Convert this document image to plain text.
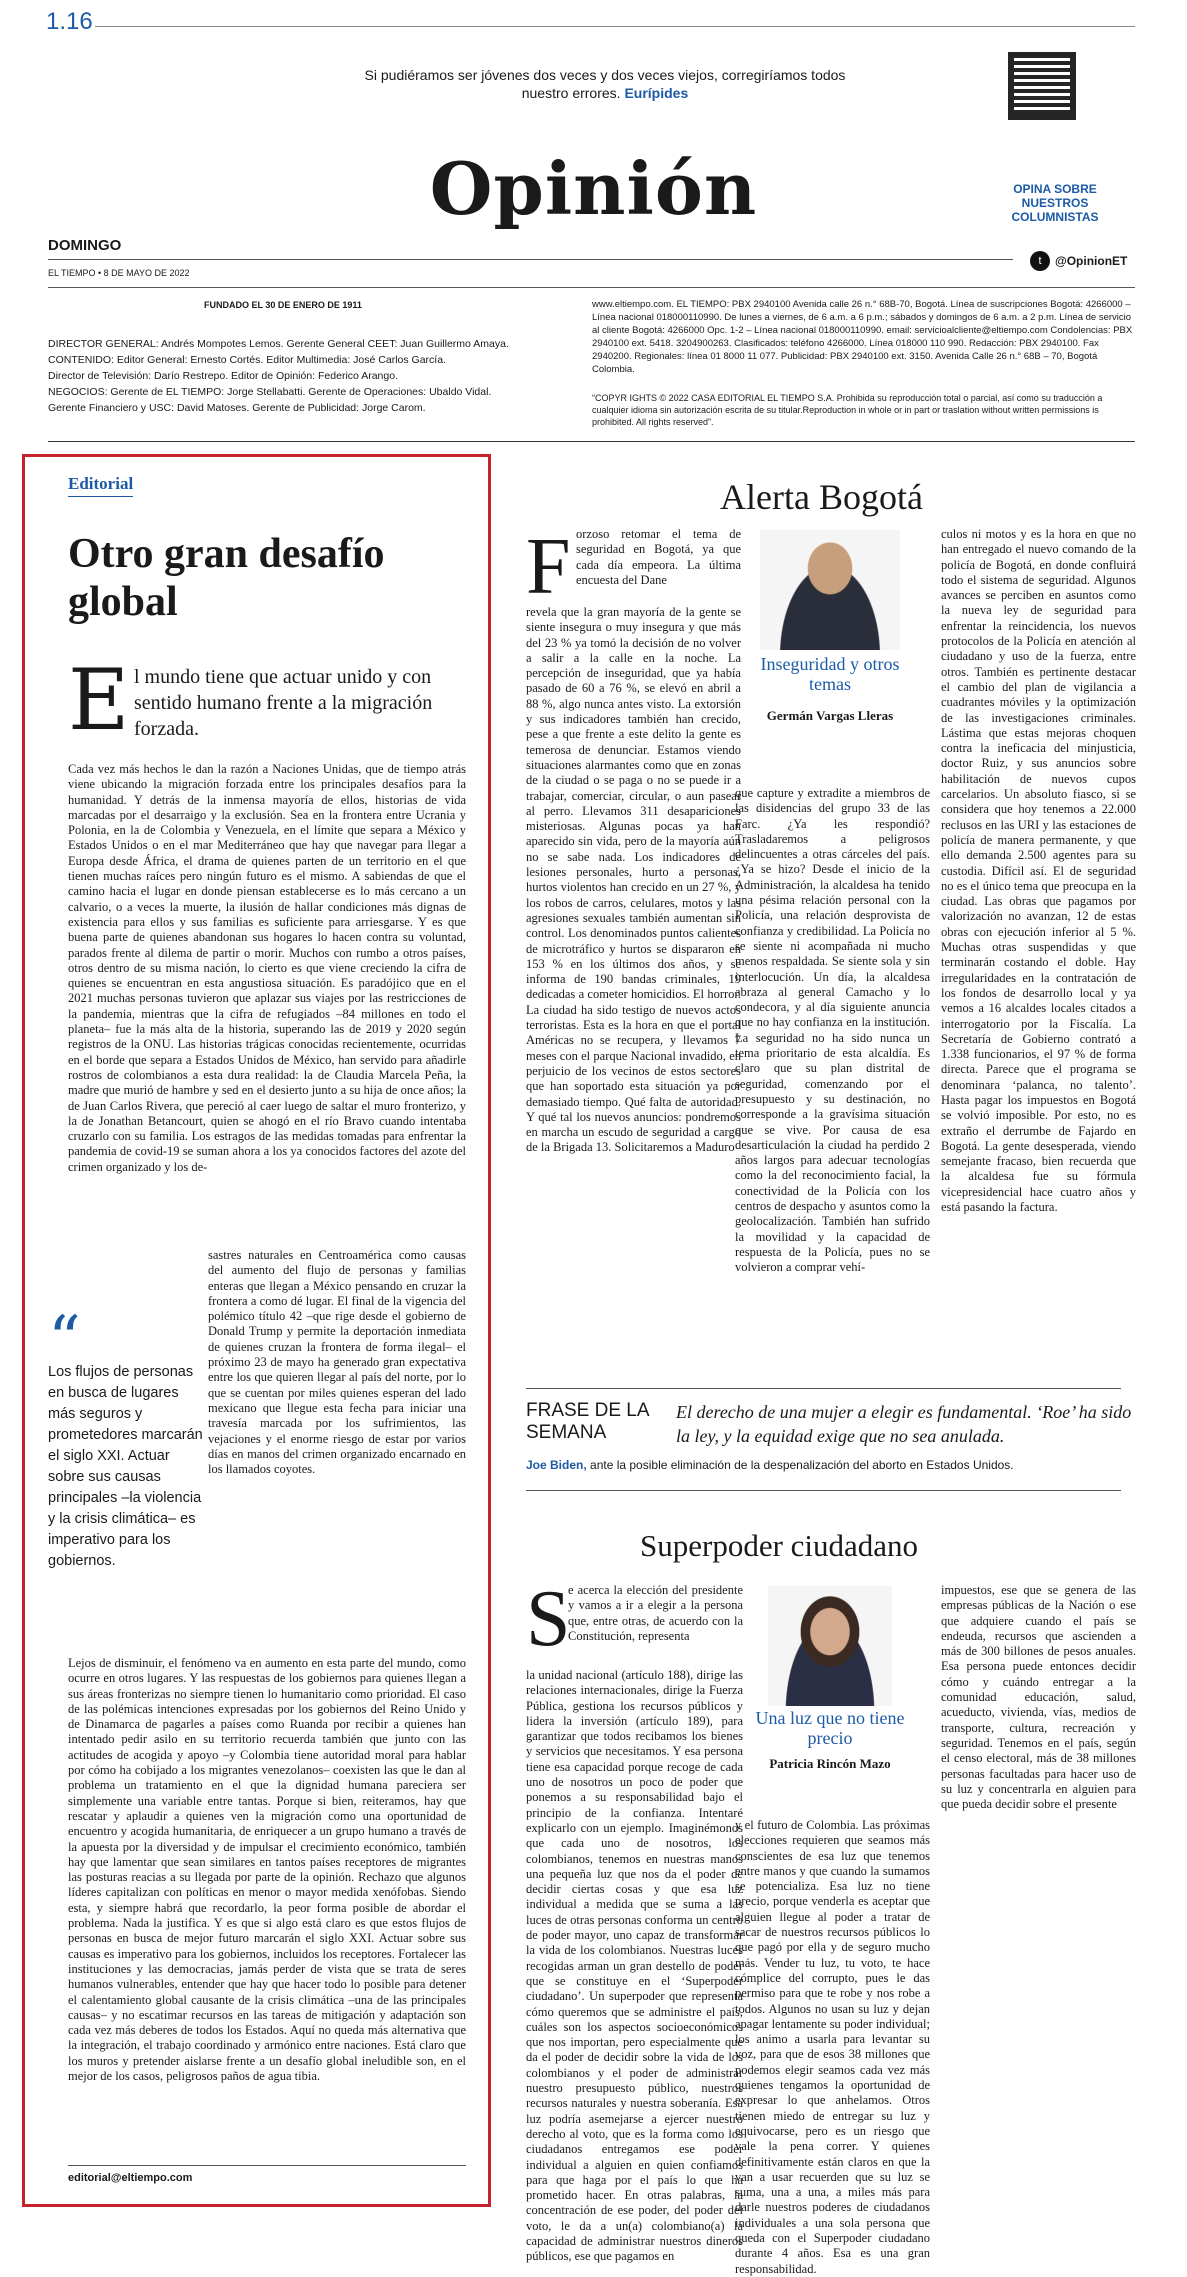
1.16
Si pudiéramos ser jóvenes dos veces y dos veces viejos, corregiríamos todos nuestro errores. Eurípides
Opinión	OPINA SOBRE NUESTROS COLUMNISTAS
DOMINGO
EL TIEMPO • 8 DE MAYO DE 2022
t	@OpinionET
FUNDADO EL 30 DE ENERO DE 1911
DIRECTOR GENERAL: Andrés Mompotes Lemos. Gerente General CEET: Juan Guillermo Amaya.
CONTENIDO: Editor General: Ernesto Cortés. Editor Multimedia: José Carlos García.
Director de Televisión: Darío Restrepo. Editor de Opinión: Federico Arango.
NEGOCIOS: Gerente de EL TIEMPO: Jorge Stellabatti. Gerente de Operaciones: Ubaldo Vidal.
Gerente Financiero y USC: David Matoses. Gerente de Publicidad: Jorge Carom.
www.eltiempo.com. EL TIEMPO: PBX 2940100 Avenida calle 26 n.° 68B-70, Bogotá. Línea de suscripciones Bogotá: 4266000 – Línea nacional 018000110990. De lunes a viernes, de 6 a.m. a 6 p.m.; sábados y domingos de 6 a.m. a 2 p.m. Línea de servicio al cliente Bogotá: 4266000 Opc. 1-2 – Línea nacional 018000110990. email: servicioalcliente@eltiempo.com Condolencias: PBX 2940100 ext. 5418. 3204900263. Clasificados: teléfono 4266000. Línea 018000 110 990. Redacción: PBX 2940100. Fax 2940200. Regionales: línea 01 8000 11 077. Publicidad: PBX 2940100 ext. 3150. Avenida Calle 26 n.° 68B – 70, Bogotá Colombia.
“COPYR IGHTS © 2022 CASA EDITORIAL EL TIEMPO S.A. Prohibida su reproducción total o parcial, así como su traducción a cualquier idioma sin autorización escrita de su titular.Reproduction in whole or in part or traslation without written permissions is prohibited. All rights reserved”.
Editorial
Otro gran desafío global
E l mundo tiene que actuar unido y con sentido humano frente a la migración forzada.
Cada vez más hechos le dan la razón a Naciones Unidas, que de tiempo atrás viene ubicando la migración forzada entre los principales desafíos para la humanidad. Y detrás de la inmensa mayoría de ellos, historias de vida marcadas por el desarraigo y la exclusión. Sea en la frontera entre Ucrania y Polonia, en la de Colombia y Venezuela, en el límite que separa a México y Estados Unidos o en el mar Mediterráneo que hay que navegar para llegar a Europa desde África, el drama de quienes parten de un territorio en el que tienen muchas raíces pero ningún futuro es el mismo. A sabiendas de que el camino hacia el lugar en donde piensan establecerse es lo más cercano a un calvario, o a veces la muerte, la ilusión de hallar condiciones más dignas de existencia para ellos y sus familias es suficiente para arriesgarse. Y es que buena parte de quienes abandonan sus hogares lo hacen contra su voluntad, parados frente al dilema de partir o morir. Muchos con rumbo a otros países, otros dentro de su misma nación, lo cierto es que viene creciendo la cifra de quienes se encuentran en esta angustiosa situación. Es paradójico que en el 2021 muchas personas tuvieron que aplazar sus viajes por las restricciones de la pandemia, mientras que la cifra de refugiados –84 millones en todo el planeta– fue la más alta de la historia, superando las de 2019 y 2020 según registros de la ONU. Las historias trágicas conocidas recientemente, ocurridas en el borde que separa a Estados Unidos de México, han servido para añadirle rostros de colombianos a esta dura realidad: la de Claudia Marcela Peña, la madre que murió de hambre y sed en el desierto junto a su hija de once años; la de Juan Carlos Rivera, que pereció al caer luego de saltar el muro fronterizo, y la de Jonathan Betancourt, quien se ahogó en el río Bravo cuando intentaba cruzarlo con su familia. Los estragos de las medidas tomadas para enfrentar la pandemia de covid-19 se suman ahora a los ya conocidos factores del azote del crimen organizado y los de-
“
Los flujos de personas en busca de lugares más seguros y prometedores marcarán el siglo XXI. Actuar sobre sus causas principales –la violencia y la crisis climática– es imperativo para los gobiernos.
sastres naturales en Centroamérica como causas del aumento del flujo de personas y familias enteras que llegan a México pensando en cruzar la frontera a como dé lugar. El final de la vigencia del polémico título 42 –que rige desde el gobierno de Donald Trump y permite la deportación inmediata de quienes cruzan la frontera de forma ilegal– el próximo 23 de mayo ha generado gran expectativa entre los que quieren llegar al país del norte, por lo que se cuentan por miles quienes esperan del lado mexicano que llegue esta fecha para iniciar una travesía marcada por los sufrimientos, las vejaciones y el enorme riesgo de estar por varios días en manos del crimen organizado encarnado en los llamados coyotes.
Lejos de disminuir, el fenómeno va en aumento en esta parte del mundo, como ocurre en otros lugares. Y las respuestas de los gobiernos para quienes llegan a sus áreas fronterizas no siempre tienen lo humanitario como prioridad. El caso de las polémicas intenciones expresadas por los gobiernos del Reino Unido y de Dinamarca de pagarles a países como Ruanda por recibir a quienes han intentado pedir asilo en su territorio recuerda también que junto con las actitudes de acogida y apoyo –y Colombia tiene autoridad moral para hablar por cómo ha cobijado a los migrantes venezolanos– coexisten las que le dan al problema un tratamiento en el que la dignidad humana pareciera ser simplemente una variable entre tantas. Porque si bien, reiteramos, hay que rescatar y aplaudir a quienes ven la migración como una oportunidad de encuentro y acogida humanitaria, de enriquecer a un grupo humano a través de la apuesta por la diversidad y de impulsar el crecimiento económico, también hay que lamentar que sean similares en tantos países receptores de migrantes las posturas reacias a su llegada por parte de la opinión. Rechazo que algunos líderes capitalizan con políticas en menor o mayor medida xenófobas. Siendo esta, y siempre habrá que recordarlo, la peor forma posible de abordar el problema. Nada la justifica. Y es que si algo está claro es que estos flujos de personas en busca de mejor futuro marcarán el siglo XXI. Actuar sobre sus causas es imperativo para los gobiernos, incluidos los receptores. Fortalecer las instituciones y las democracias, jamás perder de vista que se trata de seres humanos vulnerables, entender que hay que hacer todo lo posible para detener el calentamiento global causante de la crisis climática –una de las principales causas– y no escatimar recursos en las tareas de mitigación y adaptación son cada vez más deberes de todos los Estados. Aquí no queda más alternativa que la integración, el trabajo coordinado y armónico entre naciones. Está claro que los muros y pretender aislarse frente a un desafío global ineludible son, en el mejor de los casos, peligrosos paños de agua tibia.
editorial@eltiempo.com
Alerta Bogotá
F orzoso retomar el tema de seguridad en Bogotá, ya que cada día empeora. La última encuesta del Dane
revela que la gran mayoría de la gente se siente insegura o muy insegura y que más del 23 % ya tomó la decisión de no volver a salir a la calle en la noche. La percepción de inseguridad, que ya había pasado de 60 a 76 %, se elevó en abril a 88 %, algo nunca antes visto. La extorsión y sus indicadores también han crecido, pese a que frente a este delito la gente es temerosa de denunciar. Estamos viendo situaciones alarmantes como que en zonas de la ciudad o se paga o no se puede ir a trabajar, comerciar, circular, o aun pasear al perro. Llevamos 311 desapariciones misteriosas. Algunas pocas ya han aparecido sin vida, pero de la mayoría aún no se sabe nada. Los indicadores de lesiones personales, hurto a personas, hurtos violentos han crecido en un 27 %, y los robos de carros, celulares, motos y las agresiones sexuales también aumentan sin control. Los denominados puntos calientes de microtráfico y hurtos se dispararon en 153 % en los últimos dos años, y se informa de 190 bandas criminales, 19 dedicadas a cometer homicidios. El horror. La ciudad ha sido testigo de nuevos actos terroristas. Esta es la hora en que el portal Américas no se recupera, y llevamos 7 meses con el parque Nacional invadido, en perjuicio de los vecinos de estos sectores que han soportado esta situación ya por demasiado tiempo. Qué falta de autoridad. Y qué tal los nuevos anuncios: pondremos en marcha un escudo de seguridad a cargo de la Brigada 13. Solicitaremos a Maduro
Inseguridad y otros temas
Germán Vargas Lleras
que capture y extradite a miembros de las disidencias del grupo 33 de las Farc. ¿Ya les respondió? Trasladaremos a peligrosos delincuentes a otras cárceles del país. ¿Ya se hizo? Desde el inicio de la Administración, la alcaldesa ha tenido una pésima relación personal con la Policía, una relación desprovista de confianza y credibilidad. La Policía no se siente ni acompañada ni mucho menos respaldada. Se siente sola y sin interlocución. Un día, la alcaldesa abraza al general Camacho y lo condecora, y al día siguiente anuncia que no hay confianza en la institución. La seguridad no ha sido nunca un tema prioritario de esta alcaldía. Es claro que su plan distrital de seguridad, comenzando por el presupuesto y su destinación, no corresponde a la gravísima situación que se vive. Por causa de esa desarticulación la ciudad ha perdido 2 años largos para adecuar tecnologías como la del reconocimiento facial, la conectividad de la Policía con los centros de despacho y asuntos como la geolocalización. También han sufrido la movilidad y la capacidad de respuesta de la Policía, pues no se volvieron a comprar vehí-
culos ni motos y es la hora en que no han entregado el nuevo comando de la policía de Bogotá, en donde confluirá todo el sistema de seguridad. Algunos avances se perciben en asuntos como la nueva ley de seguridad para enfrentar la reincidencia, los nuevos protocolos de la Policía en atención al ciudadano y uso de la fuerza, entre otros. También es pertinente destacar el cambio del plan de vigilancia a cuadrantes móviles y la optimización de las investigaciones criminales. Lástima que estas mejoras choquen contra la ineficacia del minjusticia, doctor Ruiz, y sus anuncios sobre habilitación de nuevos cupos carcelarios. Un absoluto fiasco, si se considera que hoy tenemos a 22.000 reclusos en las URI y las estaciones de policía de manera permanente, y que ello demanda 2.500 agentes para su custodia. Difícil así. El de seguridad no es el único tema que preocupa en la ciudad. Las obras que pagamos por valorización no avanzan, 12 de estas obras con ejecución inferior al 5 %. Muchas otras suspendidas y que terminarán costando el doble. Hay irregularidades en la contratación de los fondos de desarrollo local y ya vemos a 16 alcaldes locales citados a interrogatorio por la Fiscalía. La Secretaría de Gobierno contrató a 1.338 funcionarios, el 97 % de forma directa. Parece que el programa se denominara ‘palanca, no talento’. Hasta pagar los impuestos en Bogotá se volvió imposible. Por esto, no es extraño el derrumbe de Fajardo en Bogotá. La gente desesperada, viendo semejante fracaso, bien recuerda que la alcaldesa fue su fórmula vicepresidencial hace cuatro años y está pasando la factura.
FRASE DE LA SEMANA
El derecho de una mujer a elegir es fundamental. ‘Roe’ ha sido la ley, y la equidad exige que no sea anulada.
Joe Biden, ante la posible eliminación de la despenalización del aborto en Estados Unidos.
Superpoder ciudadano
S
e acerca la elección del presidente y vamos a ir a elegir a la persona que, entre otras, de acuerdo con la Constitución, representa
la unidad nacional (artículo 188), dirige las relaciones internacionales, dirige la Fuerza Pública, gestiona los recursos públicos y lidera la inversión (artículo 189), para garantizar que todos recibamos los bienes y servicios que necesitamos. Y esa persona tiene esa capacidad porque recoge de cada uno de nosotros un poco de poder que ponemos a su responsabilidad bajo el principio de la confianza. Intentaré explicarlo con un ejemplo. Imaginémonos que cada uno de nosotros, los colombianos, tenemos en nuestras manos una pequeña luz que nos da el poder de decidir ciertas cosas y que esa luz individual a medida que se suma a las luces de otras personas conforma un centro de poder mayor, uno capaz de transformar la vida de los colombianos. Nuestras luces recogidas arman un gran destello de poder que se constituye en el ‘Superpoder ciudadano’. Un superpoder que representa cómo queremos que se administre el país, cuáles son los aspectos socioeconómicos que nos importan, pero especialmente que da el poder de decidir sobre la vida de los colombianos y el poder de administrar nuestro presupuesto público, nuestros recursos naturales y nuestra soberanía. Esa luz podría asemejarse a ejercer nuestro derecho al voto, que es la forma como los ciudadanos entregamos ese poder individual a alguien en quien confiamos para que haga por el país lo que ha prometido hacer. En otras palabras, la concentración de ese poder, del poder del voto, le da a un(a) colombiano(a) la capacidad de administrar nuestros dineros públicos, ese que pagamos en
Una luz que no tiene precio
Patricia Rincón Mazo
y el futuro de Colombia. Las próximas elecciones requieren que seamos más conscientes de esa luz que tenemos entre manos y que cuando la sumamos se potencializa. Esa luz no tiene precio, porque venderla es aceptar que alguien llegue al poder a tratar de sacar de nuestros recursos públicos lo que pagó por ella y de seguro mucho más. Vender tu luz, tu voto, te hace cómplice del corrupto, pues le das permiso para que te robe y nos robe a todos. Algunos no usan su luz y dejan apagar lentamente su poder individual; los animo a usarla para levantar su voz, para que de esos 38 millones que podemos elegir seamos cada vez más quienes tengamos la oportunidad de expresar lo que anhelamos. Otros tienen miedo de entregar su luz y equivocarse, pero es un riesgo que vale la pena correr. Y quienes definitivamente están claros en que la van a usar recuerden que su luz se suma, una a una, a miles más para darle nuestros poderes de ciudadanos individuales a una sola persona que queda con el Superpoder ciudadano durante 4 años. Esa es una gran responsabilidad.
impuestos, ese que se genera de las empresas públicas de la Nación o ese que adquiere cuando el país se endeuda, recursos que ascienden a más de 300 billones de pesos anuales. Esa persona puede entonces decidir cómo y cuándo entregar a la comunidad educación, salud, acueducto, vivienda, vías, medios de transporte, cultura, recreación y seguridad. Tenemos en el país, según el censo electoral, más de 38 millones personas facultadas para hacer uso de su luz y concentrarla en alguien para que pueda decidir sobre el presente
